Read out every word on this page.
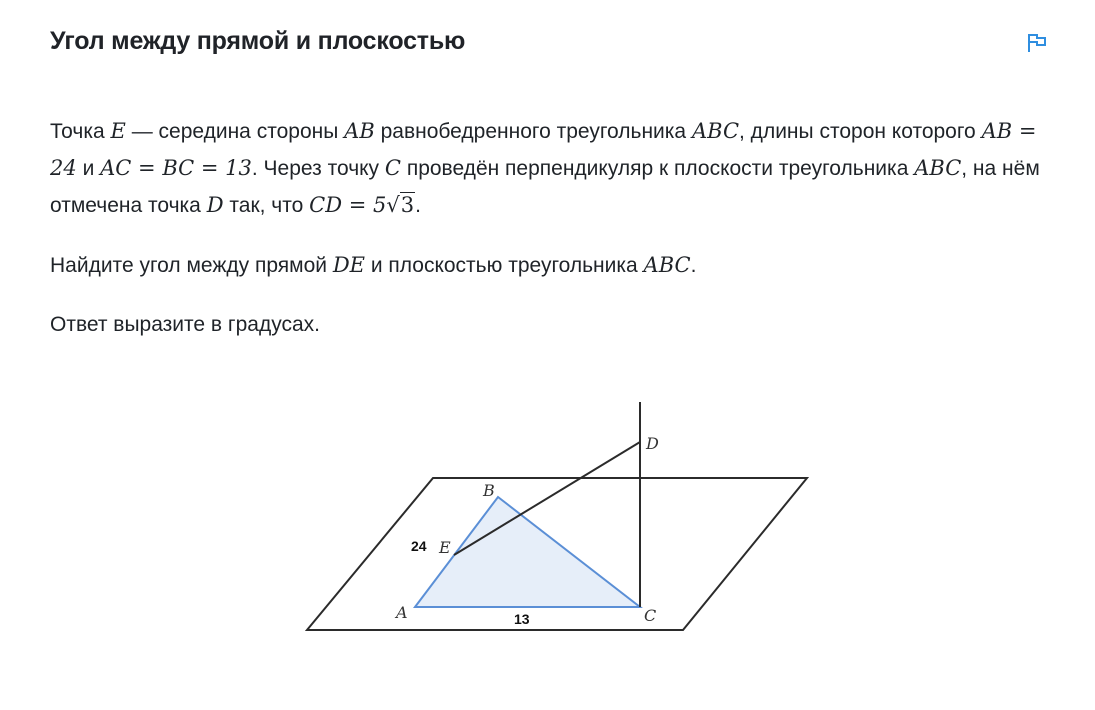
Угол между прямой и плоскостью

Точка E — середина стороны AB равнобедренного треугольника ABC, длины сторон которого AB = 24 и AC = BC = 13. Через точку C проведён перпендикуляр к плоскости треугольника ABC, на нём отмечена точка D так, что CD = 5√3.

Найдите угол между прямой DE и плоскостью треугольника ABC.

Ответ выразите в градусах.

D
B
E
A	C
24
13
